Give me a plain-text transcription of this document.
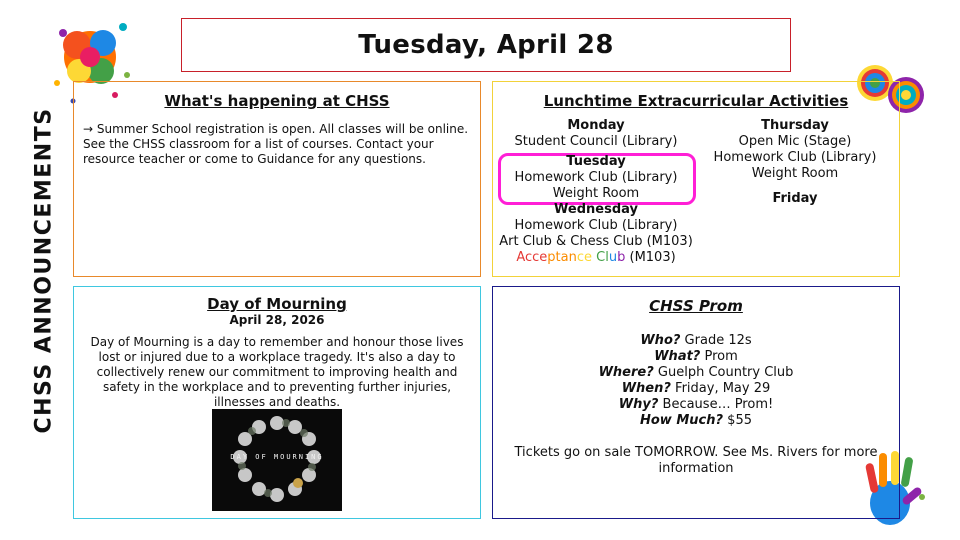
Tuesday, April 28
CHSS ANNOUNCEMENTS
What's happening at CHSS
→ Summer School registration is open. All classes will be online. See the CHSS classroom for a list of courses. Contact your resource teacher or come to Guidance for any questions.
Lunchtime Extracurricular Activities
Monday
Student Council (Library)
Tuesday
Homework Club (Library)
Weight Room
Wednesday
Homework Club (Library)
Art Club & Chess Club (M103)
Acceptance Club (M103)
Thursday
Open Mic (Stage)
Homework Club (Library)
Weight Room
Friday
Day of Mourning
April 28, 2026
Day of Mourning is a day to remember and honour those lives lost or injured due to a workplace tragedy. It's also a day to collectively renew our commitment to improving health and safety in the workplace and to preventing further injuries, illnesses and deaths.
DAY OF MOURNING
CHSS Prom
Who? Grade 12s
What? Prom
Where? Guelph Country Club
When? Friday, May 29
Why? Because… Prom!
How Much? $55
Tickets go on sale TOMORROW. See Ms. Rivers for more information
